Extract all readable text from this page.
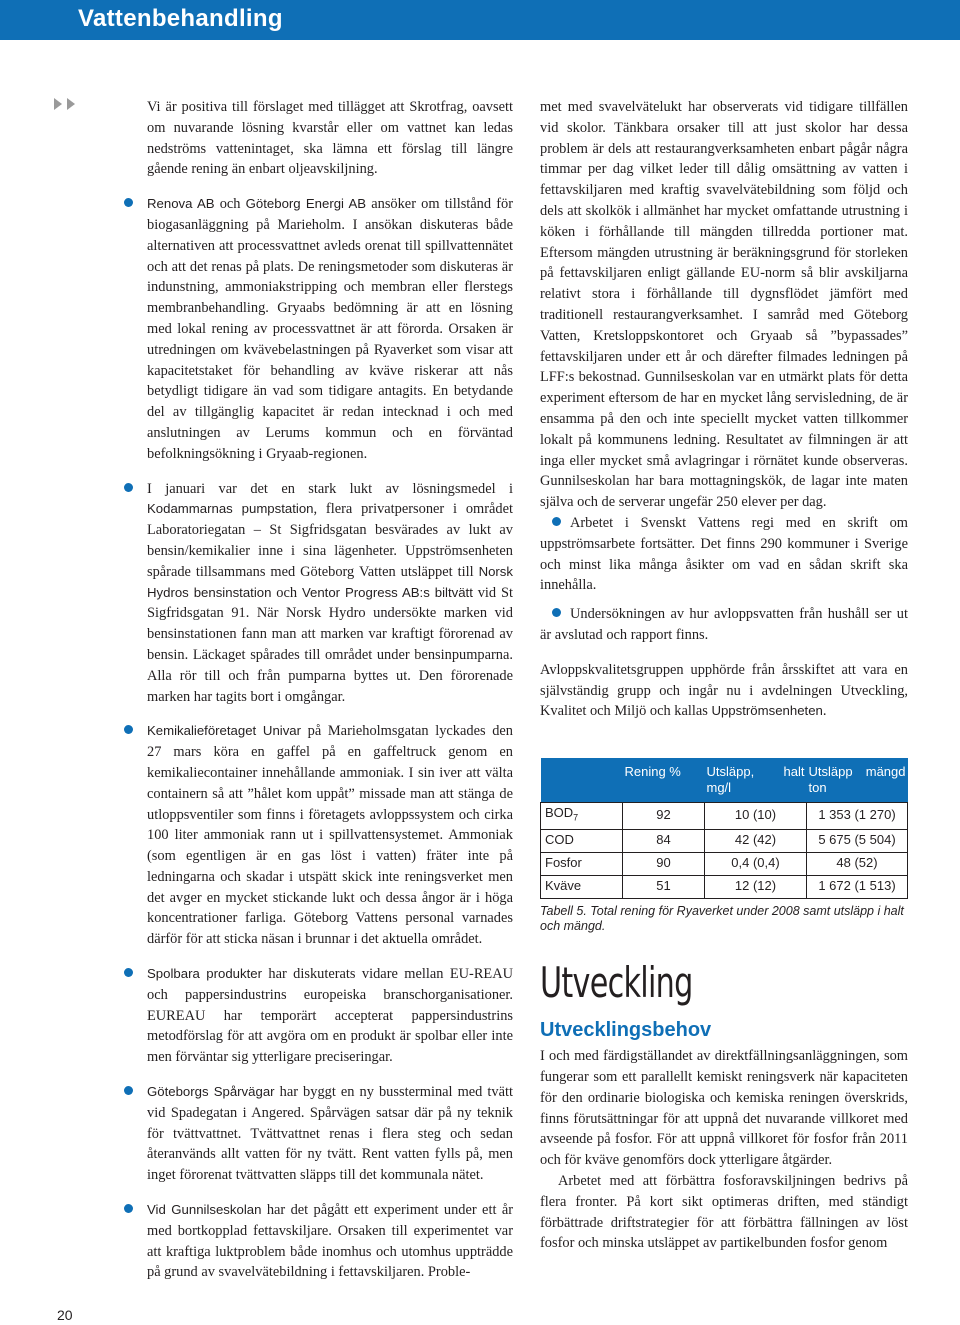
Vattenbehandling

Vi är positiva till förslaget med tillägget att Skrotfrag, oavsett om nuvarande lösning kvarstår eller om vattnet kan ledas nedströms vattenintaget, ska lämna ett förslag till längre gående rening än enbart oljeavskiljning.

Renova AB och Göteborg Energi AB ansöker om tillstånd för biogasanläggning på Marieholm. I ansökan diskuteras både alternativen att processvattnet avleds orenat till spillvattennätet och att det renas på plats. De reningsmetoder som diskuteras är indunstning, ammoniakstripping och membran eller flerstegs membranbehandling. Gryaabs bedömning är att en lösning med lokal rening av processvattnet är att förorda. Orsaken är utredningen om kvävebelastningen på Ryaverket som visar att kapacitetstaket för behandling av kväve riskerar att nås betydligt tidigare än vad som tidigare antagits. En betydande del av tillgänglig kapacitet är redan intecknad i och med anslutningen av Lerums kommun och en förväntad befolkningsökning i Gryaab-regionen.

I januari var det en stark lukt av lösningsmedel i Kodammarnas pumpstation, flera privatpersoner i området Laboratoriegatan – St Sigfridsgatan besvärades av lukt av bensin/kemikalier inne i sina lägenheter. Uppströmsenheten spårade tillsammans med Göteborg Vatten utsläppet till Norsk Hydros bensinstation och Ventor Progress AB:s biltvätt vid St Sigfridsgatan 91. När Norsk Hydro undersökte marken vid bensinstationen fann man att marken var kraftigt förorenad av bensin. Läckaget spårades till området under bensinpumparna. Alla rör till och från pumparna byttes ut. Den förorenade marken har tagits bort i omgångar.

Kemikalieföretaget Univar på Marieholmsgatan lyckades den 27 mars köra en gaffel på en gaffeltruck genom en kemikaliecontainer innehållande ammoniak. I sin iver att välta containern så att ”hålet kom uppåt” missade man att stänga de utloppsventiler som finns i företagets avloppssystem och cirka 100 liter ammoniak rann ut i spillvattensystemet. Ammoniak (som egentligen är en gas löst i vatten) fräter inte på ledningarna och skadar i utspätt skick inte reningsverket men det avger en mycket stickande lukt och dessa ångor är i höga koncentrationer farliga. Göteborg Vattens personal varnades därför för att sticka näsan i brunnar i det aktuella området.

Spolbara produkter har diskuterats vidare mellan EU-REAU och pappersindustrins europeiska branschorganisationer. EUREAU har temporärt accepterat pappersindustrins metodförslag för att avgöra om en produkt är spolbar eller inte men förväntar sig ytterligare preciseringar.

Göteborgs Spårvägar har byggt en ny bussterminal med tvätt vid Spadegatan i Angered. Spårvägen satsar där på ny teknik för tvättvattnet. Tvättvattnet renas i flera steg och sedan återanvänds allt vatten för ny tvätt. Rent vatten fylls på, men inget förorenat tvättvatten släpps till det kommunala nätet.

Vid Gunnilseskolan har det pågått ett experiment under ett år med bortkopplad fettavskiljare. Orsaken till experimentet var att kraftiga luktproblem både inomhus och utomhus uppträdde på grund av svavelvätebildning i fettavskiljaren. Proble-

met med svavelvätelukt har observerats vid tidigare tillfällen vid skolor. Tänkbara orsaker till att just skolor har dessa problem är dels att restaurangverksamheten enbart pågår några timmar per dag vilket leder till dålig omsättning av vatten i fettavskiljaren med kraftig svavelvätebildning som följd och dels att skolkök i allmänhet har mycket omfattande utrustning i köken i förhållande till mängden tillredda portioner mat. Eftersom mängden utrustning är beräkningsgrund för storleken på fettavskiljaren enligt gällande EU-norm så blir avskiljarna relativt stora i förhållande till dygnsflödet jämfört med traditionell restaurangverksamhet. I samråd med Göteborg Vatten, Kretsloppskontoret och Gryaab så ”bypassades” fettavskiljaren under ett år och därefter filmades ledningen på LFF:s bekostnad. Gunnilseskolan var en utmärkt plats för detta experiment eftersom de har en mycket lång servisledning, de är ensamma på den och inte speciellt mycket vatten tillkommer lokalt på kommunens ledning. Resultatet av filmningen är att inga eller mycket små avlagringar i rörnätet kunde observeras. Gunnilseskolan har bara mottagningskök, de lagar inte maten själva och de serverar ungefär 250 elever per dag.

Arbetet i Svenskt Vattens regi med en skrift om uppströmsarbete fortsätter. Det finns 290 kommuner i Sverige och minst lika många åsikter om vad en sådan skrift ska innehålla.

Undersökningen av hur avloppsvatten från hushåll ser ut är avslutad och rapport finns.

Avloppskvalitetsgruppen upphörde från årsskiftet att vara en självständig grupp och ingår nu i avdelningen Utveckling, Kvalitet och Miljö och kallas Uppströmsenheten.

	Rening %	Utsläpp, halt mg/l	Utsläpp mängd ton
$BOD_7$	92	10 (10)	1 353 (1 270)
COD	84	42 (42)	5 675 (5 504)
Fosfor	90	0,4 (0,4)	48 (52)
Kväve	51	12 (12)	1 672 (1 513)
Tabell 5. Total rening för Ryaverket under 2008 samt utsläpp i halt och mängd.
Utveckling
Utvecklingsbehov

I och med färdigställandet av direktfällningsanläggningen, som fungerar som ett parallellt kemiskt reningsverk när kapaciteten för den ordinarie biologiska och kemiska reningen överskrids, finns förutsättningar för att uppnå det nuvarande villkoret med avseende på fosfor. För att uppnå villkoret för fosfor från 2011 och för kväve genomförs dock ytterligare åtgärder.

Arbetet med att förbättra fosforavskiljningen bedrivs på flera fronter. På kort sikt optimeras driften, med ständigt förbättrade driftstrategier för att förbättra fällningen av löst fosfor och minska utsläppet av partikelbunden fosfor genom

20
